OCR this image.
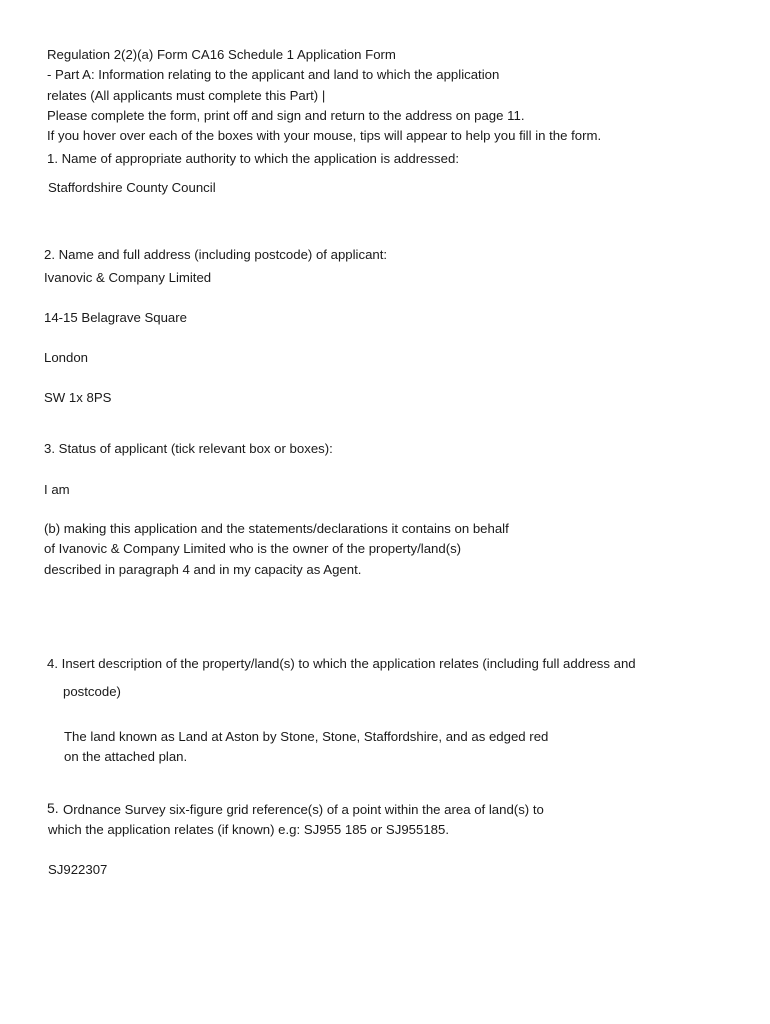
Regulation 2(2)(a) Form CA16 Schedule 1 Application Form
- Part A: Information relating to the applicant and land to which the application
relates (All applicants must complete this Part) |
Please complete the form, print off and sign and return to the address on page 11.
If you hover over each of the boxes with your mouse, tips will appear to help you fill in the form.
1. Name of appropriate authority to which the application is addressed:
Staffordshire County Council
2. Name and full address (including postcode) of applicant:
Ivanovic & Company Limited
14-15 Belagrave Square
London
SW 1x 8PS
3. Status of applicant (tick relevant box or boxes):
I am
(b) making this application and the statements/declarations it contains on behalf
of Ivanovic & Company Limited who is the owner of the property/land(s)
described in paragraph 4 and in my capacity as Agent.
4. Insert description of the property/land(s) to which the application relates (including full address and
postcode)
The land known as Land at Aston by Stone, Stone, Staffordshire, and as edged red
on the attached plan.
5. Ordnance Survey six-figure grid reference(s) of a point within the area of land(s) to
which the application relates (if known) e.g: SJ955 185 or SJ955185.
SJ922307
